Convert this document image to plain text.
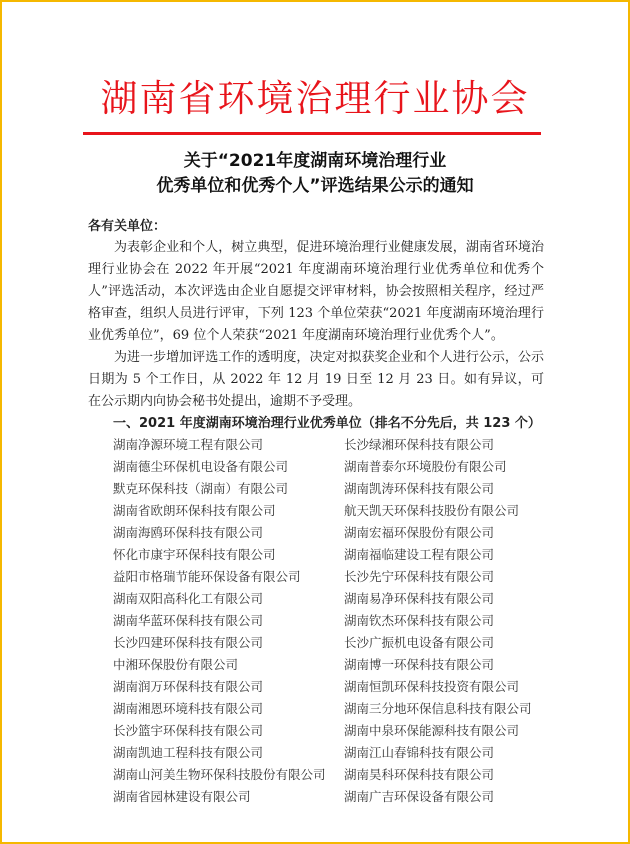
湖南省环境治理行业协会
关于“2021年度湖南环境治理行业
优秀单位和优秀个人”评选结果公示的通知
各有关单位：

为表彰企业和个人，树立典型，促进环境治理行业健康发展，湖南省环境治理行业协会在 2022 年开展“2021 年度湖南环境治理行业优秀单位和优秀个人”评选活动，本次评选由企业自愿提交评审材料，协会按照相关程序，经过严格审查，组织人员进行评审，下列 123 个单位荣获“2021 年度湖南环境治理行业优秀单位”，69 位个人荣获“2021 年度湖南环境治理行业优秀个人”。

为进一步增加评选工作的透明度，决定对拟获奖企业和个人进行公示，公示日期为 5 个工作日，从 2022 年 12 月 19 日至 12 月 23 日。如有异议，可在公示期内向协会秘书处提出，逾期不予受理。

一、2021 年度湖南环境治理行业优秀单位（排名不分先后，共 123 个）
湖南净源环境工程有限公司
湖南德尘环保机电设备有限公司
默克环保科技（湖南）有限公司
湖南省欧朗环保科技有限公司
湖南海鸥环保科技有限公司
怀化市康宇环保科技有限公司
益阳市格瑞节能环保设备有限公司
湖南双阳高科化工有限公司
湖南华蓝环保科技有限公司
长沙四建环保科技有限公司
中湘环保股份有限公司
湖南润万环保科技有限公司
湖南湘恩环境科技有限公司
长沙篮宇环保科技有限公司
湖南凯迪工程科技有限公司
湖南山河美生物环保科技股份有限公司
湖南省园林建设有限公司
长沙绿湘环保科技有限公司
湖南普泰尔环境股份有限公司
湖南凯涛环保科技有限公司
航天凯天环保科技股份有限公司
湖南宏福环保股份有限公司
湖南福临建设工程有限公司
长沙先宁环保科技有限公司
湖南易净环保科技有限公司
湖南钦杰环保科技有限公司
长沙广振机电设备有限公司
湖南博一环保科技有限公司
湖南恒凯环保科技投资有限公司
湖南三分地环保信息科技有限公司
湖南中泉环保能源科技有限公司
湖南江山春锦科技有限公司
湖南昊科环保科技有限公司
湖南广吉环保设备有限公司
